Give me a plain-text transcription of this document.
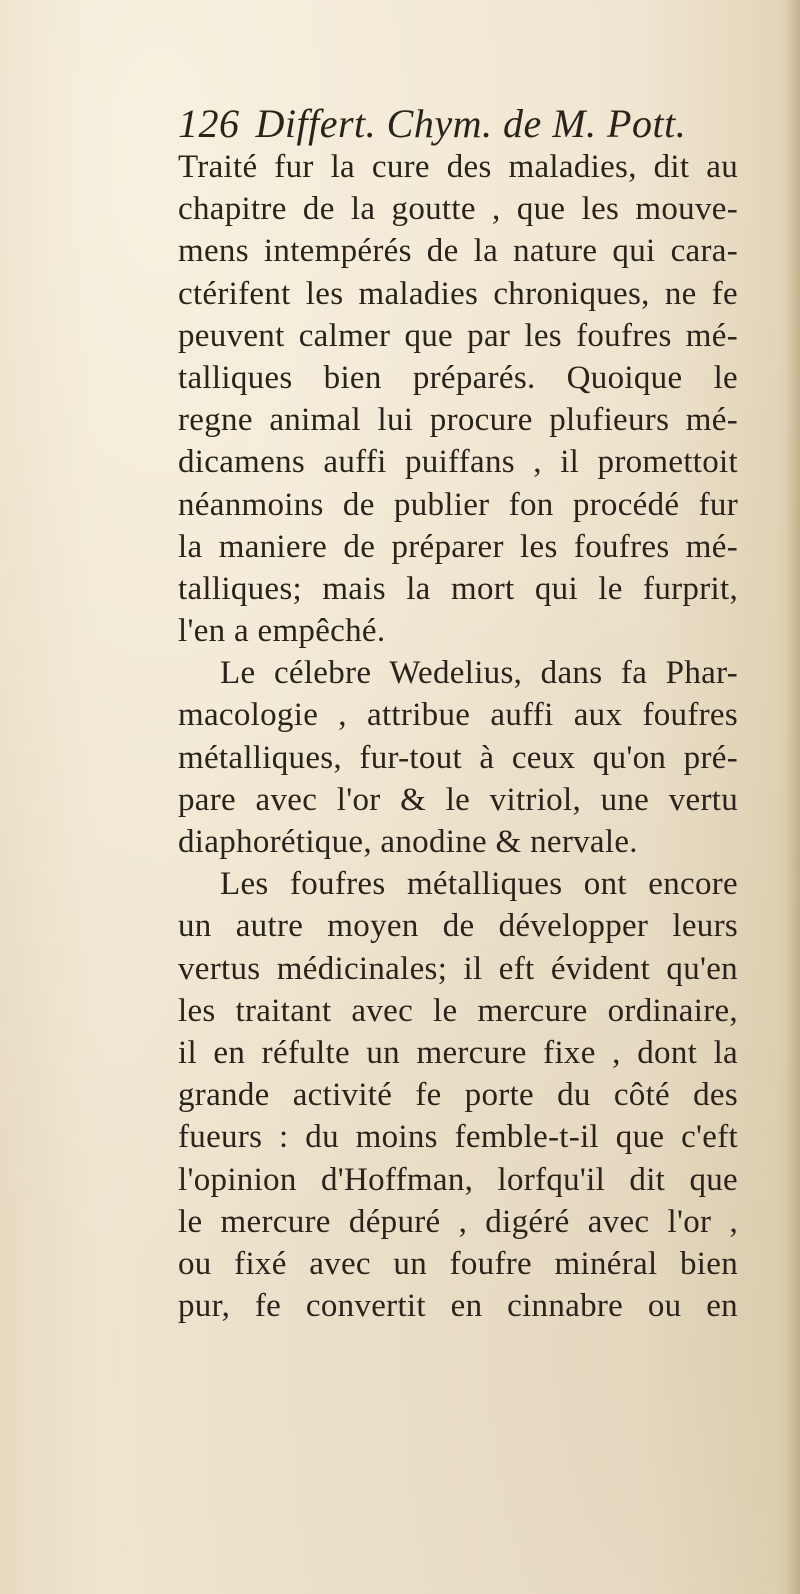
126 Differt. Chym. de M. Pott.
Traité fur la cure des maladies, dit au
chapitre de la goutte , que les mouve-
mens intempérés de la nature qui cara-
ctérifent les maladies chroniques, ne fe
peuvent calmer que par les foufres mé-
talliques bien préparés. Quoique le
regne animal lui procure plufieurs mé-
dicamens auffi puiffans , il promettoit
néanmoins de publier fon procédé fur
la maniere de préparer les foufres mé-
talliques; mais la mort qui le furprit,
l'en a empêché.
Le célebre Wedelius, dans fa Phar-
macologie , attribue auffi aux foufres
métalliques, fur-tout à ceux qu'on pré-
pare avec l'or & le vitriol, une vertu
diaphorétique, anodine & nervale.
Les foufres métalliques ont encore
un autre moyen de développer leurs
vertus médicinales; il eft évident qu'en
les traitant avec le mercure ordinaire,
il en réfulte un mercure fixe , dont la
grande activité fe porte du côté des
fueurs : du moins femble-t-il que c'eft
l'opinion d'Hoffman, lorfqu'il dit que
le mercure dépuré , digéré avec l'or ,
ou fixé avec un foufre minéral bien
pur, fe convertit en cinnabre ou en
